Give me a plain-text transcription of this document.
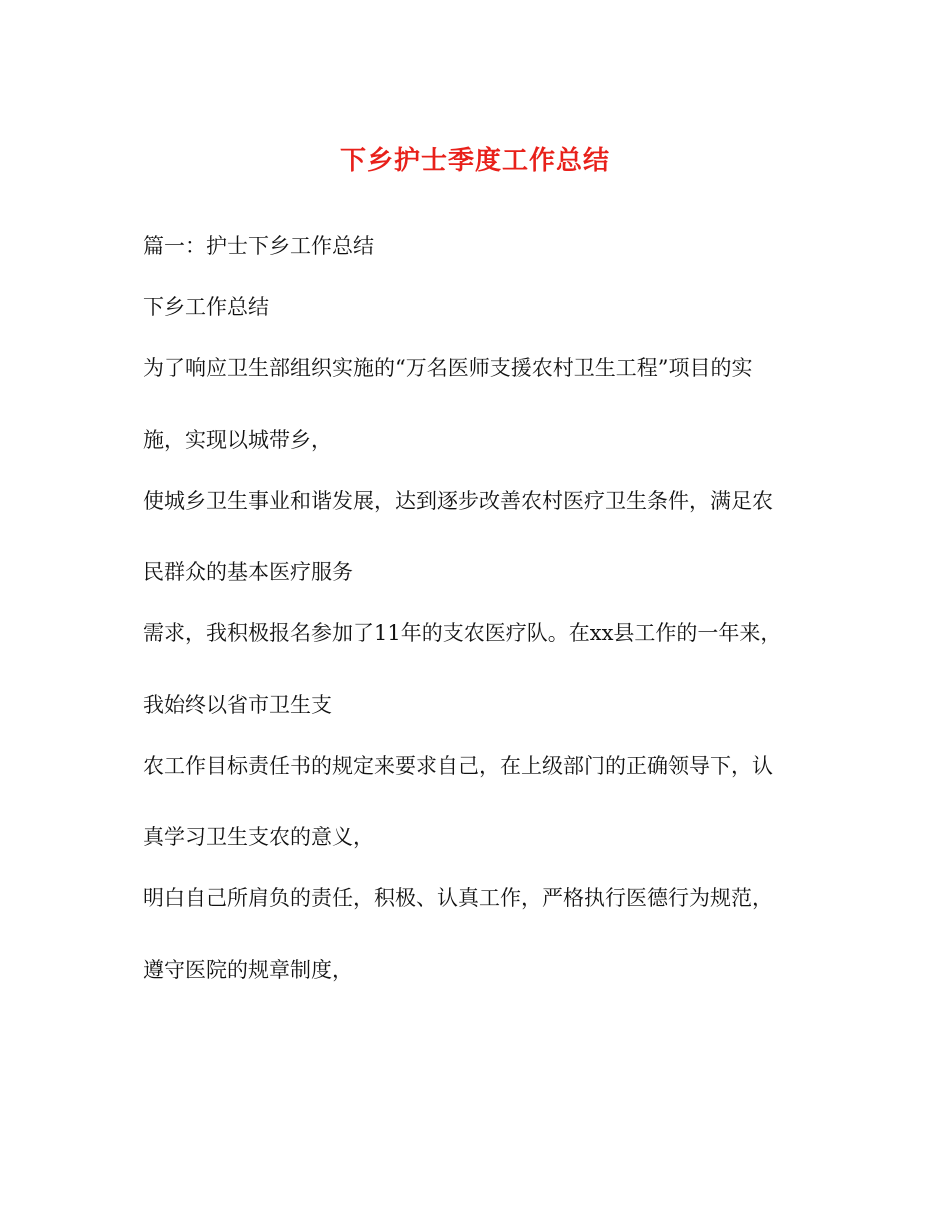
下乡护士季度工作总结
篇一：护士下乡工作总结
下乡工作总结
为了响应卫生部组织实施的“万名医师支援农村卫生工程”项目的实
施，实现以城带乡，
使城乡卫生事业和谐发展，达到逐步改善农村医疗卫生条件，满足农
民群众的基本医疗服务
需求，我积极报名参加了11年的支农医疗队。在xx县工作的一年来，
我始终以省市卫生支
农工作目标责任书的规定来要求自己，在上级部门的正确领导下，认
真学习卫生支农的意义，
明白自己所肩负的责任，积极、认真工作，严格执行医德行为规范，
遵守医院的规章制度，
